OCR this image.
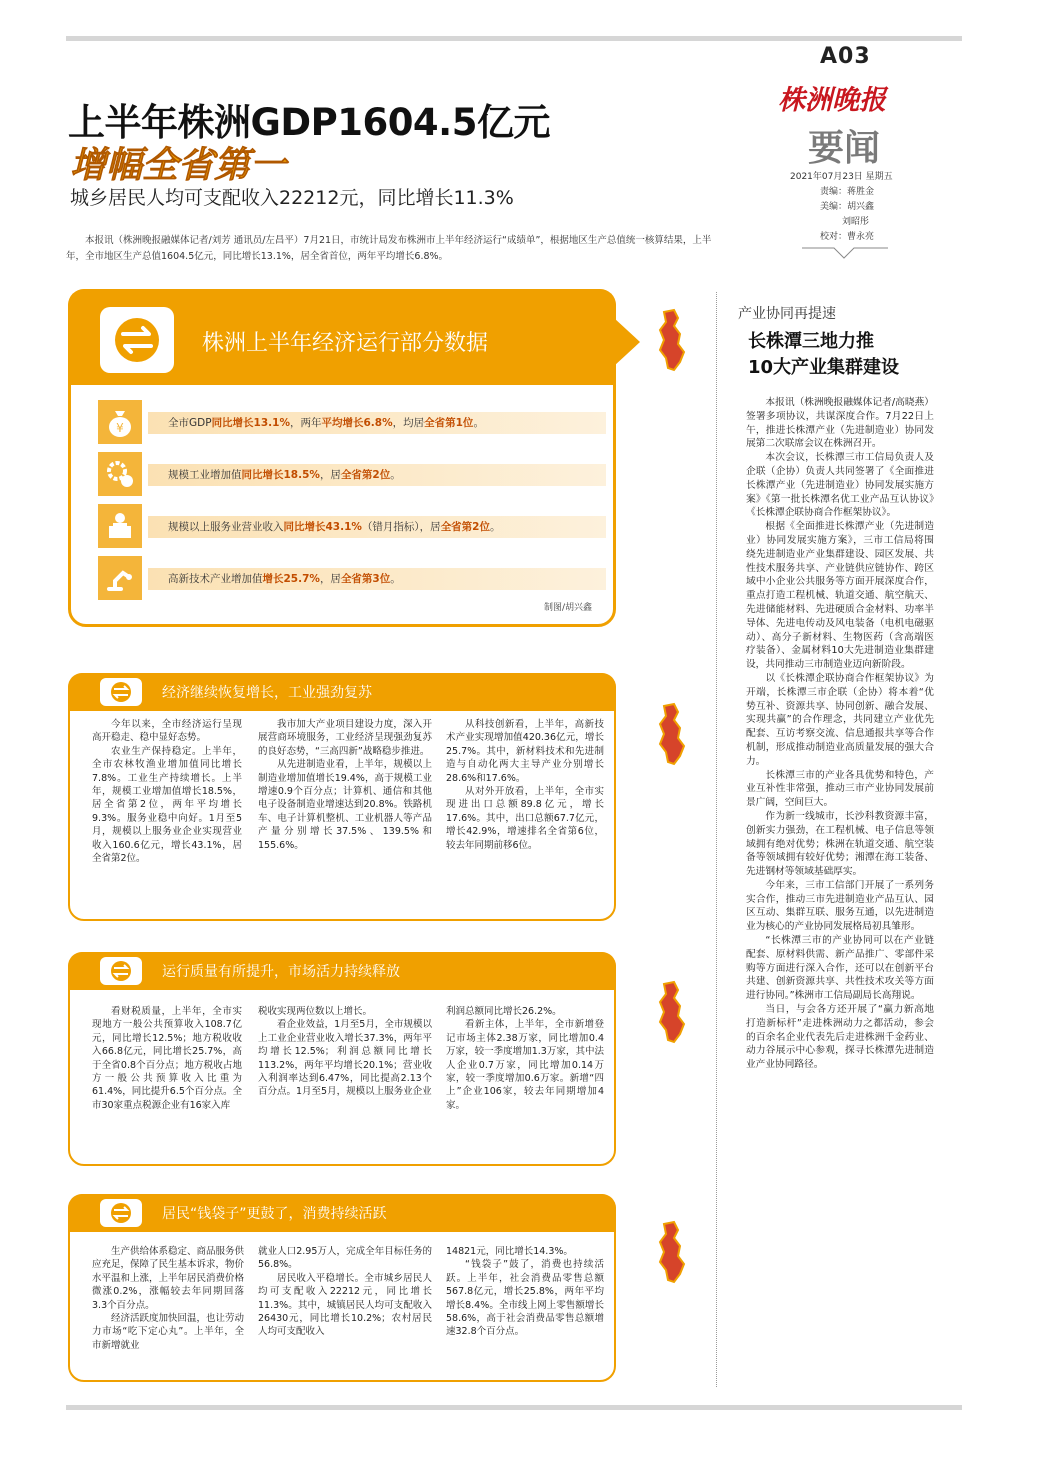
A03
株洲晚报
要闻
2021年07月23日 星期五
责编：蒋胜金
美编：胡兴鑫
刘昭彤
校对：曹永亮
上半年株洲GDP1604.5亿元
增幅全省第一
城乡居民人均可支配收入22212元，同比增长11.3%
本报讯（株洲晚报融媒体记者/刘芳 通讯员/左昌平）7月21日，市统计局发布株洲市上半年经济运行“成绩单”，根据地区生产总值统一核算结果，上半年，全市地区生产总值1604.5亿元，同比增长13.1%，居全省首位，两年平均增长6.8%。
株洲上半年经济运行部分数据
¥	全市GDP同比增长13.1%，两年平均增长6.8%，均居全省第1位。
规模工业增加值同比增长18.5%，居全省第2位。
规模以上服务业营业收入同比增长43.1%（错月指标），居全省第2位。
高新技术产业增加值增长25.7%，居全省第3位。
制图/胡兴鑫
经济继续恢复增长，工业强劲复苏

今年以来，全市经济运行呈现高开稳走、稳中显好态势。

农业生产保持稳定。上半年，全市农林牧渔业增加值同比增长7.8%。工业生产持续增长。上半年，规模工业增加值增长18.5%，居全省第2位，两年平均增长9.3%。服务业稳中向好。1月至5月，规模以上服务业企业实现营业收入160.6亿元，增长43.1%，居全省第2位。

我市加大产业项目建设力度，深入开展营商环境服务，工业经济呈现强劲复苏的良好态势，“三高四新”战略稳步推进。

从先进制造业看，上半年，规模以上制造业增加值增长19.4%，高于规模工业增速0.9个百分点；计算机、通信和其他电子设备制造业增速达到20.8%。铁路机车、电子计算机整机、工业机器人等产品产量分别增长37.5%、139.5%和155.6%。

从科技创新看，上半年，高新技术产业实现增加值420.36亿元，增长25.7%。其中，新材料技术和先进制造与自动化两大主导产业分别增长28.6%和17.6%。

从对外开放看，上半年，全市实现进出口总额89.8亿元，增长17.6%。其中，出口总额67.7亿元，增长42.9%，增速排名全省第6位，较去年同期前移6位。

运行质量有所提升，市场活力持续释放

看财税质量，上半年，全市实现地方一般公共预算收入108.7亿元，同比增长12.5%；地方税收收入66.8亿元，同比增长25.7%，高于全省0.8个百分点；地方税收占地方一般公共预算收入比重为61.4%，同比提升6.5个百分点。全市30家重点税源企业有16家入库

税收实现两位数以上增长。

看企业效益，1月至5月，全市规模以上工业企业营业收入增长37.3%，两年平均增长12.5%；利润总额同比增长113.2%，两年平均增长20.1%；营业收入利润率达到6.47%，同比提高2.13个百分点。1月至5月，规模以上服务业企业

利润总额同比增长26.2%。

看新主体，上半年，全市新增登记市场主体2.38万家，同比增加0.4万家，较一季度增加1.3万家，其中法人企业0.7万家，同比增加0.14万家，较一季度增加0.6万家。新增“四上”企业106家，较去年同期增加4家。

居民“钱袋子”更鼓了，消费持续活跃

生产供给体系稳定、商品服务供应充足，保障了民生基本诉求，物价水平温和上涨，上半年居民消费价格微涨0.2%，涨幅较去年同期回落3.3个百分点。

经济活跃度加快回温，也让劳动力市场“吃下定心丸”。上半年，全市新增就业

就业人口2.95万人，完成全年目标任务的56.8%。

居民收入平稳增长。全市城乡居民人均可支配收入22212元，同比增长11.3%。其中，城镇居民人均可支配收入26430元，同比增长10.2%；农村居民人均可支配收入

14821元，同比增长14.3%。

“钱袋子”鼓了，消费也持续活跃。上半年，社会消费品零售总额567.8亿元，增长25.8%，两年平均增长8.4%。全市线上网上零售额增长58.6%，高于社会消费品零售总额增速32.8个百分点。

产业协同再提速
长株潭三地力推
10大产业集群建设

本报讯（株洲晚报融媒体记者/高晓燕）签署多项协议，共谋深度合作。7月22日上午，推进长株潭产业（先进制造业）协同发展第二次联席会议在株洲召开。

本次会议，长株潭三市工信局负责人及企联（企协）负责人共同签署了《全面推进长株潭产业（先进制造业）协同发展实施方案》《第一批长株潭名优工业产品互认协议》《长株潭企联协商合作框架协议》。

根据《全面推进长株潭产业（先进制造业）协同发展实施方案》，三市工信局将围绕先进制造业产业集群建设、园区发展、共性技术服务共享、产业链供应链协作、跨区域中小企业公共服务等方面开展深度合作，重点打造工程机械、轨道交通、航空航天、先进储能材料、先进硬质合金材料、功率半导体、先进电传动及风电装备（电机电磁驱动）、高分子新材料、生物医药（含高端医疗装备）、金属材料10大先进制造业集群建设，共同推动三市制造业迈向新阶段。

以《长株潭企联协商合作框架协议》为开端，长株潭三市企联（企协）将本着“优势互补、资源共享、协同创新、融合发展、实现共赢”的合作理念，共同建立产业优先配套、互访考察交流、信息通报共享等合作机制，形成推动制造业高质量发展的强大合力。

长株潭三市的产业各具优势和特色，产业互补性非常强，推动三市产业协同发展前景广阔，空间巨大。

作为新一线城市，长沙科教资源丰富，创新实力强劲，在工程机械、电子信息等领域拥有绝对优势；株洲在轨道交通、航空装备等领域拥有较好优势；湘潭在海工装备、先进钢材等领域基础厚实。

今年来，三市工信部门开展了一系列务实合作，推动三市先进制造业产品互认、园区互动、集群互联、服务互通，以先进制造业为核心的产业协同发展格局初具雏形。

“长株潭三市的产业协同可以在产业链配套、原材料供需、新产品推广、零部件采购等方面进行深入合作，还可以在创新平台共建、创新资源共享、共性技术攻关等方面进行协同。”株洲市工信局副局长高翔说。

当日，与会各方还开展了“赢力新高地 打造新标杆”走进株洲动力之都活动，参会的百余名企业代表先后走进株洲千金药业、动力谷展示中心参观，探寻长株潭先进制造业产业协同路径。
